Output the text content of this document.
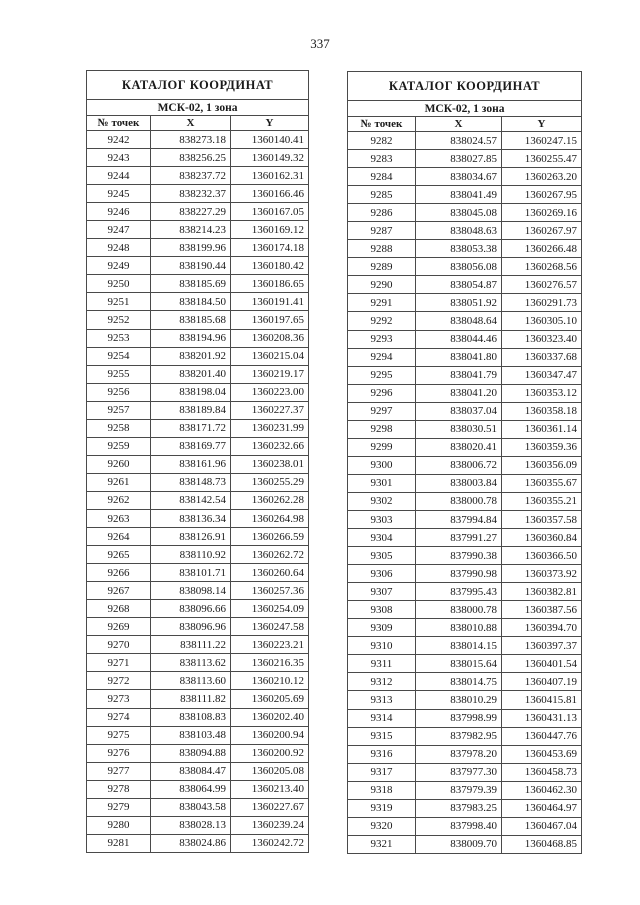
337
КАТАЛОГ КООРДИНАТ		
МСК-02, 1 зона		
№ точек	X	Y
9242	838273.18	1360140.41
9243	838256.25	1360149.32
9244	838237.72	1360162.31
9245	838232.37	1360166.46
9246	838227.29	1360167.05
9247	838214.23	1360169.12
9248	838199.96	1360174.18
9249	838190.44	1360180.42
9250	838185.69	1360186.65
9251	838184.50	1360191.41
9252	838185.68	1360197.65
9253	838194.96	1360208.36
9254	838201.92	1360215.04
9255	838201.40	1360219.17
9256	838198.04	1360223.00
9257	838189.84	1360227.37
9258	838171.72	1360231.99
9259	838169.77	1360232.66
9260	838161.96	1360238.01
9261	838148.73	1360255.29
9262	838142.54	1360262.28
9263	838136.34	1360264.98
9264	838126.91	1360266.59
9265	838110.92	1360262.72
9266	838101.71	1360260.64
9267	838098.14	1360257.36
9268	838096.66	1360254.09
9269	838096.96	1360247.58
9270	838111.22	1360223.21
9271	838113.62	1360216.35
9272	838113.60	1360210.12
9273	838111.82	1360205.69
9274	838108.83	1360202.40
9275	838103.48	1360200.94
9276	838094.88	1360200.92
9277	838084.47	1360205.08
9278	838064.99	1360213.40
9279	838043.58	1360227.67
9280	838028.13	1360239.24
9281	838024.86	1360242.72
КАТАЛОГ КООРДИНАТ		
МСК-02, 1 зона		
№ точек	X	Y
9282	838024.57	1360247.15
9283	838027.85	1360255.47
9284	838034.67	1360263.20
9285	838041.49	1360267.95
9286	838045.08	1360269.16
9287	838048.63	1360267.97
9288	838053.38	1360266.48
9289	838056.08	1360268.56
9290	838054.87	1360276.57
9291	838051.92	1360291.73
9292	838048.64	1360305.10
9293	838044.46	1360323.40
9294	838041.80	1360337.68
9295	838041.79	1360347.47
9296	838041.20	1360353.12
9297	838037.04	1360358.18
9298	838030.51	1360361.14
9299	838020.41	1360359.36
9300	838006.72	1360356.09
9301	838003.84	1360355.67
9302	838000.78	1360355.21
9303	837994.84	1360357.58
9304	837991.27	1360360.84
9305	837990.38	1360366.50
9306	837990.98	1360373.92
9307	837995.43	1360382.81
9308	838000.78	1360387.56
9309	838010.88	1360394.70
9310	838014.15	1360397.37
9311	838015.64	1360401.54
9312	838014.75	1360407.19
9313	838010.29	1360415.81
9314	837998.99	1360431.13
9315	837982.95	1360447.76
9316	837978.20	1360453.69
9317	837977.30	1360458.73
9318	837979.39	1360462.30
9319	837983.25	1360464.97
9320	837998.40	1360467.04
9321	838009.70	1360468.85
